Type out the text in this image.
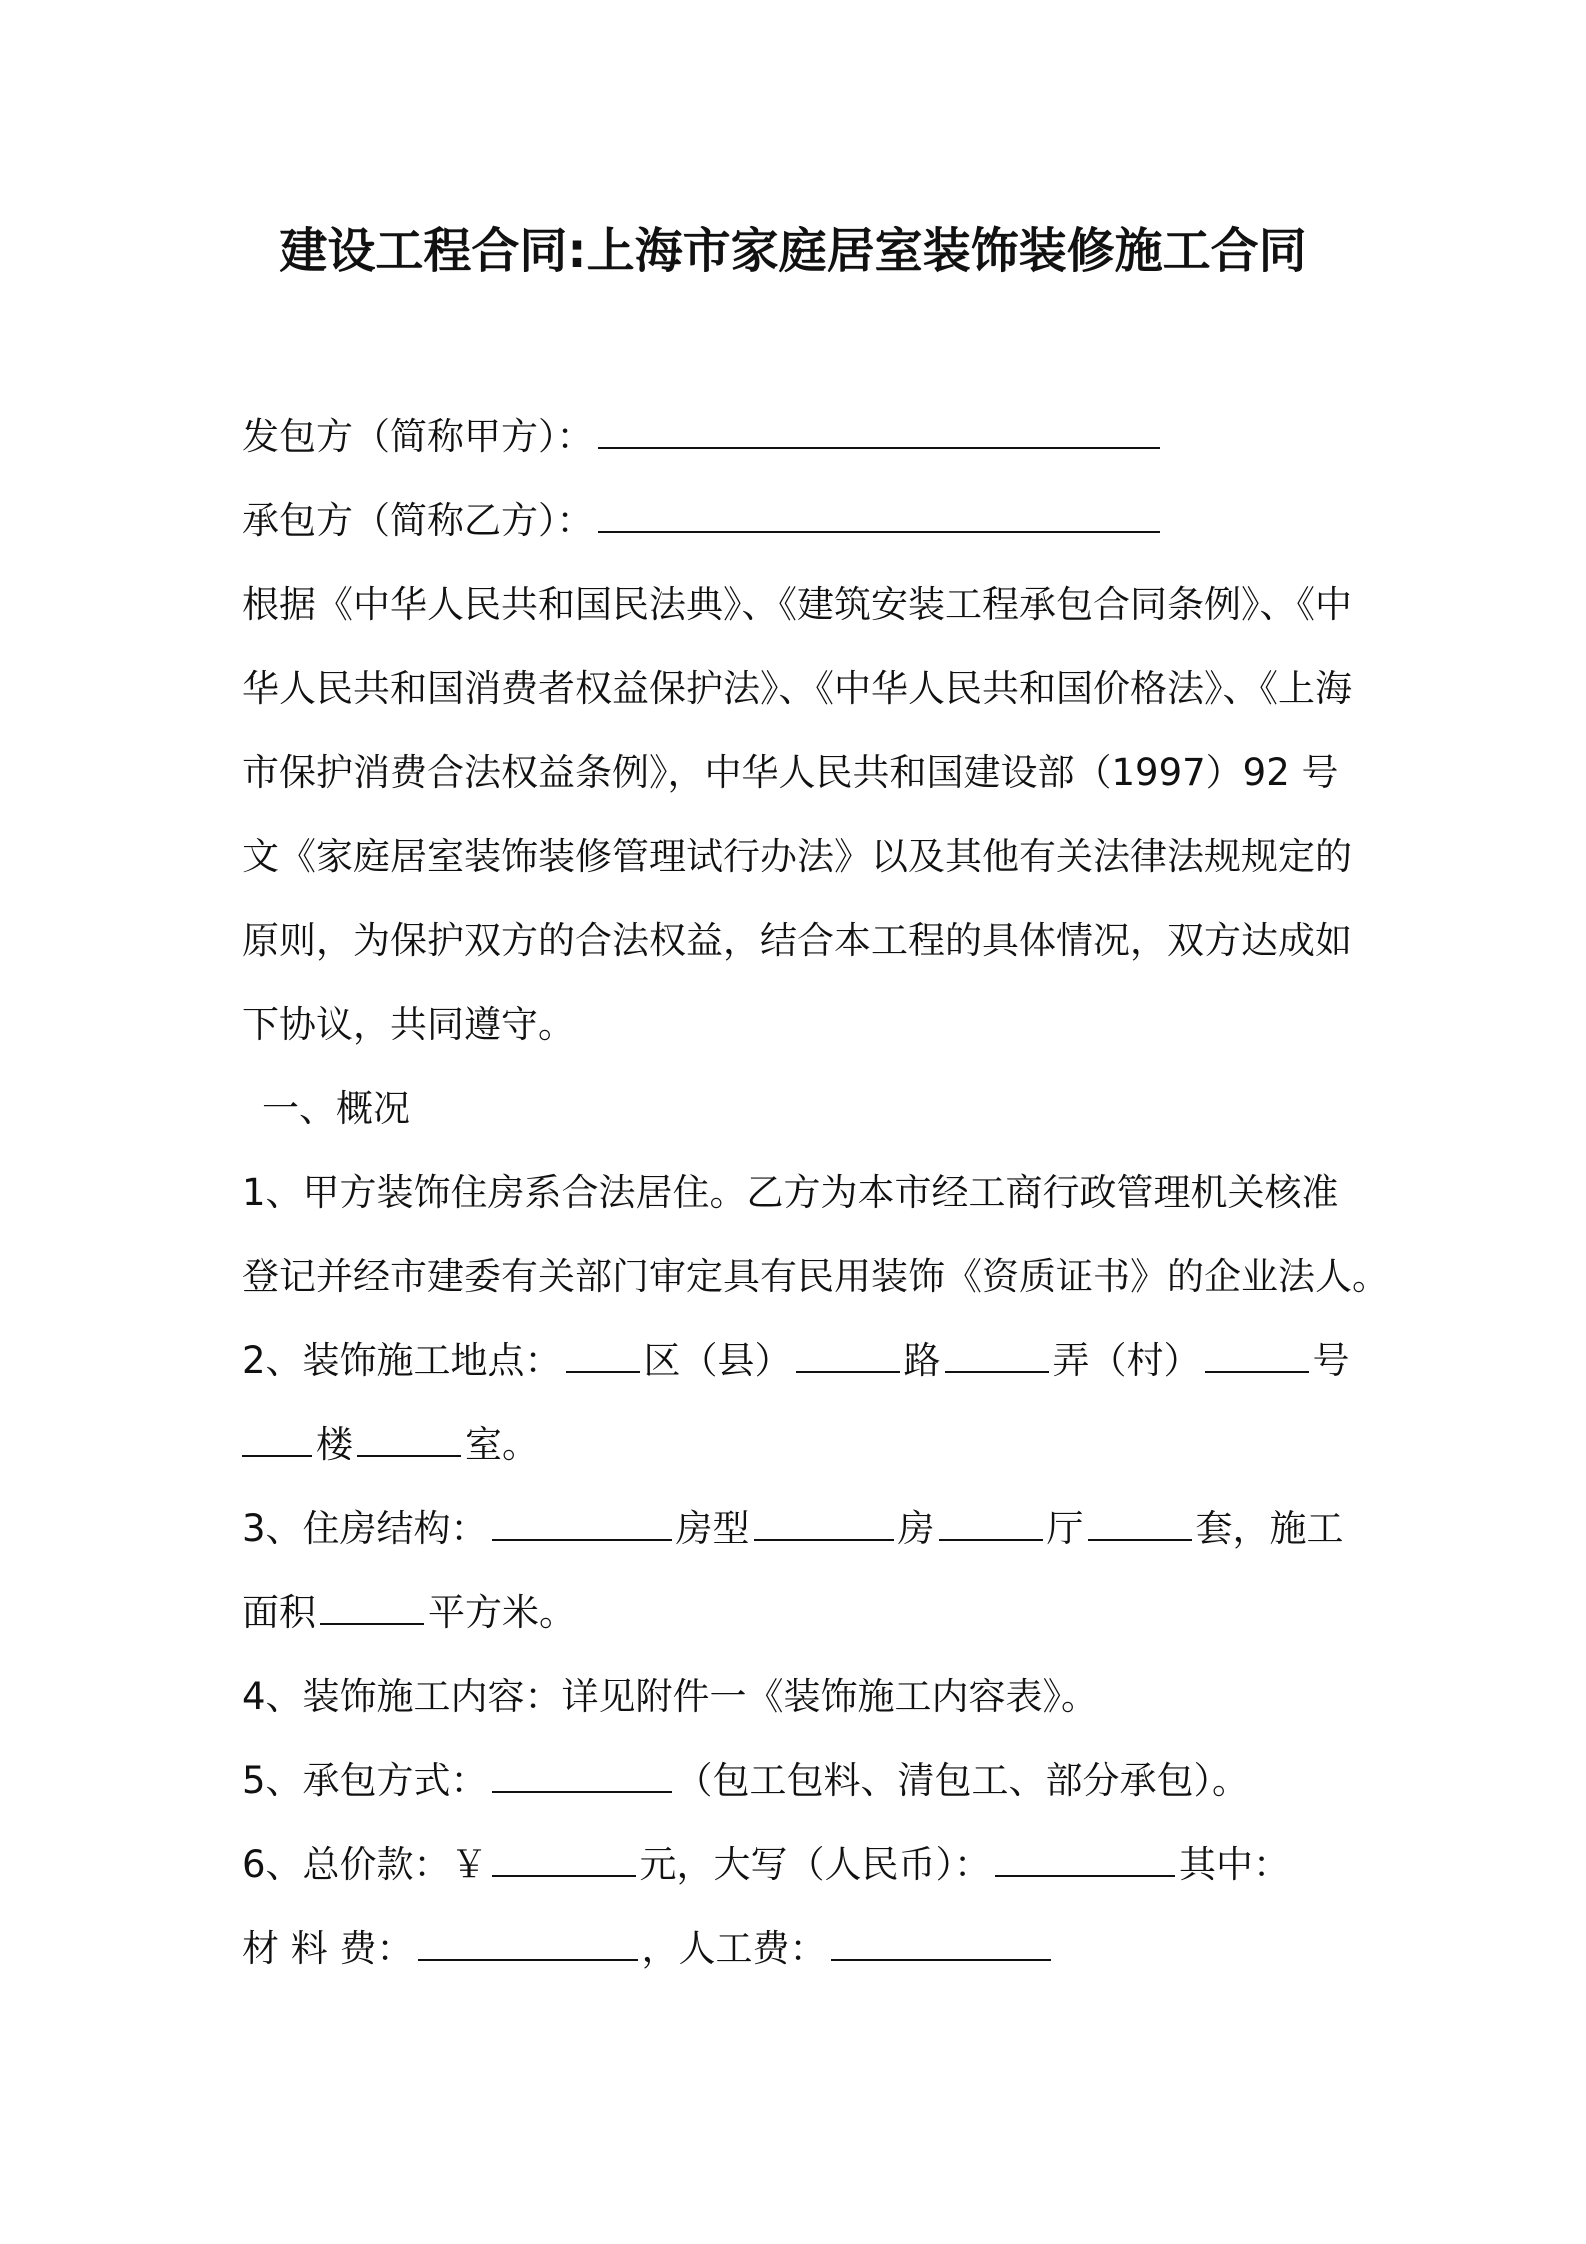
建设工程合同:上海市家庭居室装饰装修施工合同
发包方（简称甲方）：
承包方（简称乙方）：
根据《中华人民共和国民法典》、《建筑安装工程承包合同条例》、《中
华人民共和国消费者权益保护法》、《中华人民共和国价格法》、《上海
市保护消费合法权益条例》，中华人民共和国建设部（1997）92 号
文《家庭居室装饰装修管理试行办法》以及其他有关法律法规规定的
原则，为保护双方的合法权益，结合本工程的具体情况，双方达成如
下协议，共同遵守。
一、概况
1、甲方装饰住房系合法居住。乙方为本市经工商行政管理机关核准
登记并经市建委有关部门审定具有民用装饰《资质证书》的企业法人。
2、装饰施工地点： 区（县）	路	弄（村）	号
楼	室。
3、住房结构：	房型	房	厅	套，施工
面积	平方米。
4、装饰施工内容：详见附件一《装饰施工内容表》。
5、承包方式：	（包工包料、清包工、部分承包）。
6、总价款：￥	元，大写（人民币）：	其中：
材 料 费：	，人工费：
